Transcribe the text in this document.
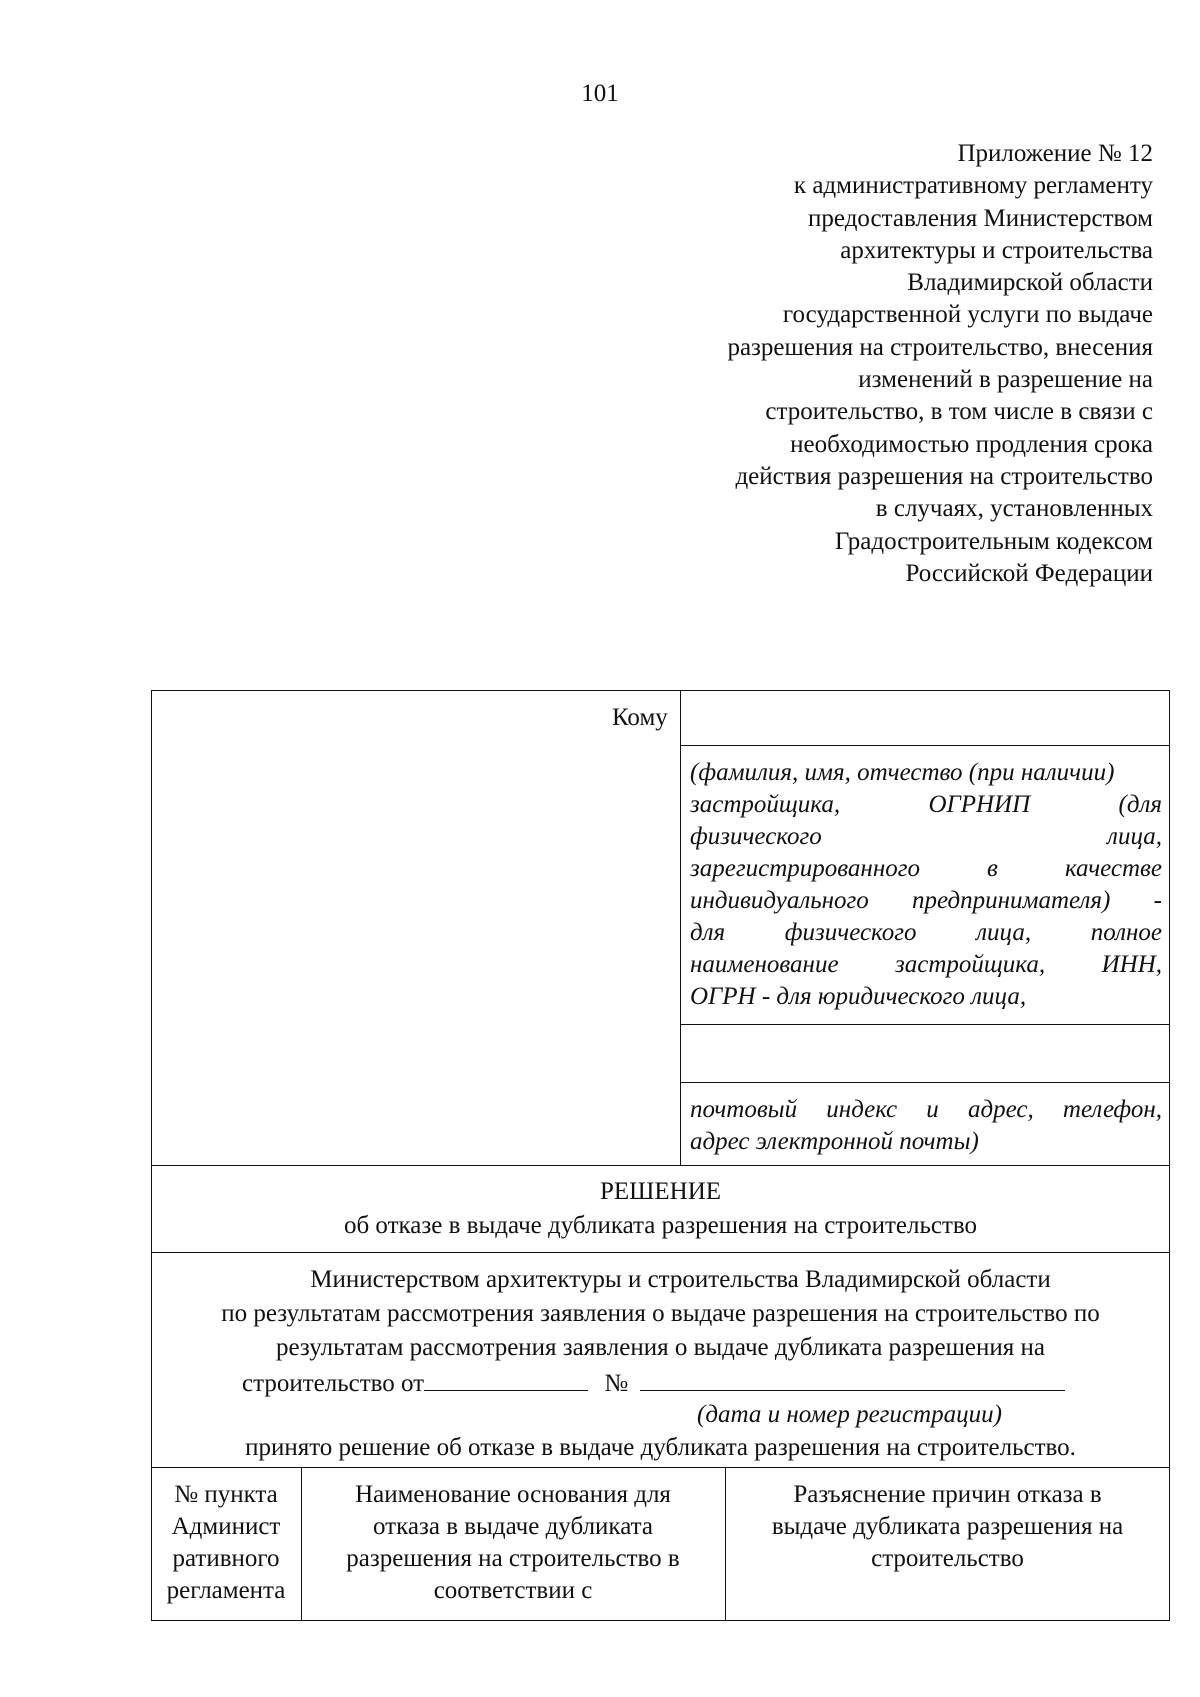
101
Приложение № 12
к административному регламенту
предоставления Министерством
архитектуры и строительства
Владимирской области
государственной услуги по выдаче
разрешения на строительство, внесения
изменений в разрешение на
строительство, в том числе в связи с
необходимостью продления срока
действия разрешения на строительство
в случаях, установленных
Градостроительным кодексом
Российской Федерации
Кому
(фамилия, имя, отчество (при наличии)
застройщика, ОГРНИП (для
физического лица,
зарегистрированного в качестве
индивидуального предпринимателя) -
для физического лица, полное
наименование застройщика, ИНН,
ОГРН - для юридического лица,
почтовый индекс и адрес, телефон,
адрес электронной почты)
РЕШЕНИЕ
об отказе в выдаче дубликата разрешения на строительство
Министерством архитектуры и строительства Владимирской области
по результатам рассмотрения заявления о выдаче разрешения на строительство по
результатам рассмотрения заявления о выдаче дубликата разрешения на
строительство от	№
(дата и номер регистрации)
принято решение об отказе в выдаче дубликата разрешения на строительство.
№ пункта
Админист
ративного
регламента
Наименование основания для
отказа в выдаче дубликата
разрешения на строительство в
соответствии с
Разъяснение причин отказа в
выдаче дубликата разрешения на
строительство
